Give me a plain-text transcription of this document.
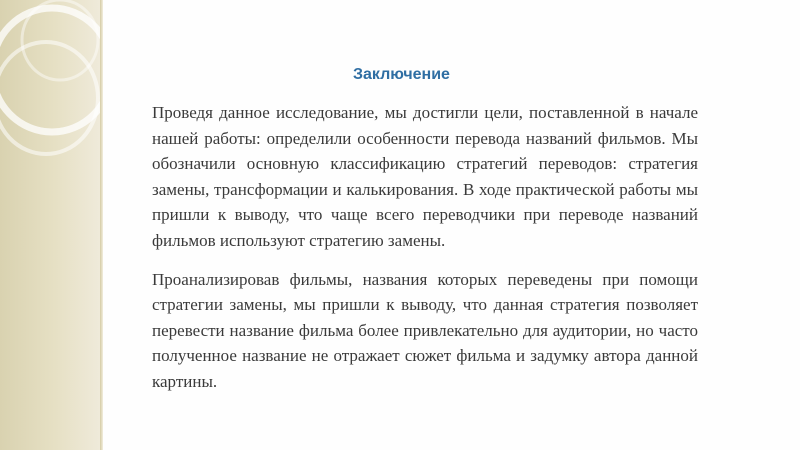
Заключение

Проведя данное исследование, мы достигли цели, поставленной в начале нашей работы: определили особенности перевода названий фильмов. Мы обозначили основную классификацию стратегий переводов: стратегия замены, трансформации и калькирования. В ходе практической работы мы пришли к выводу, что чаще всего переводчики при переводе названий фильмов используют стратегию замены.

Проанализировав фильмы, названия которых переведены при помощи стратегии замены, мы пришли к выводу, что данная стратегия позволяет перевести название фильма более привлекательно для аудитории, но часто полученное название не отражает сюжет фильма и задумку автора данной картины.
